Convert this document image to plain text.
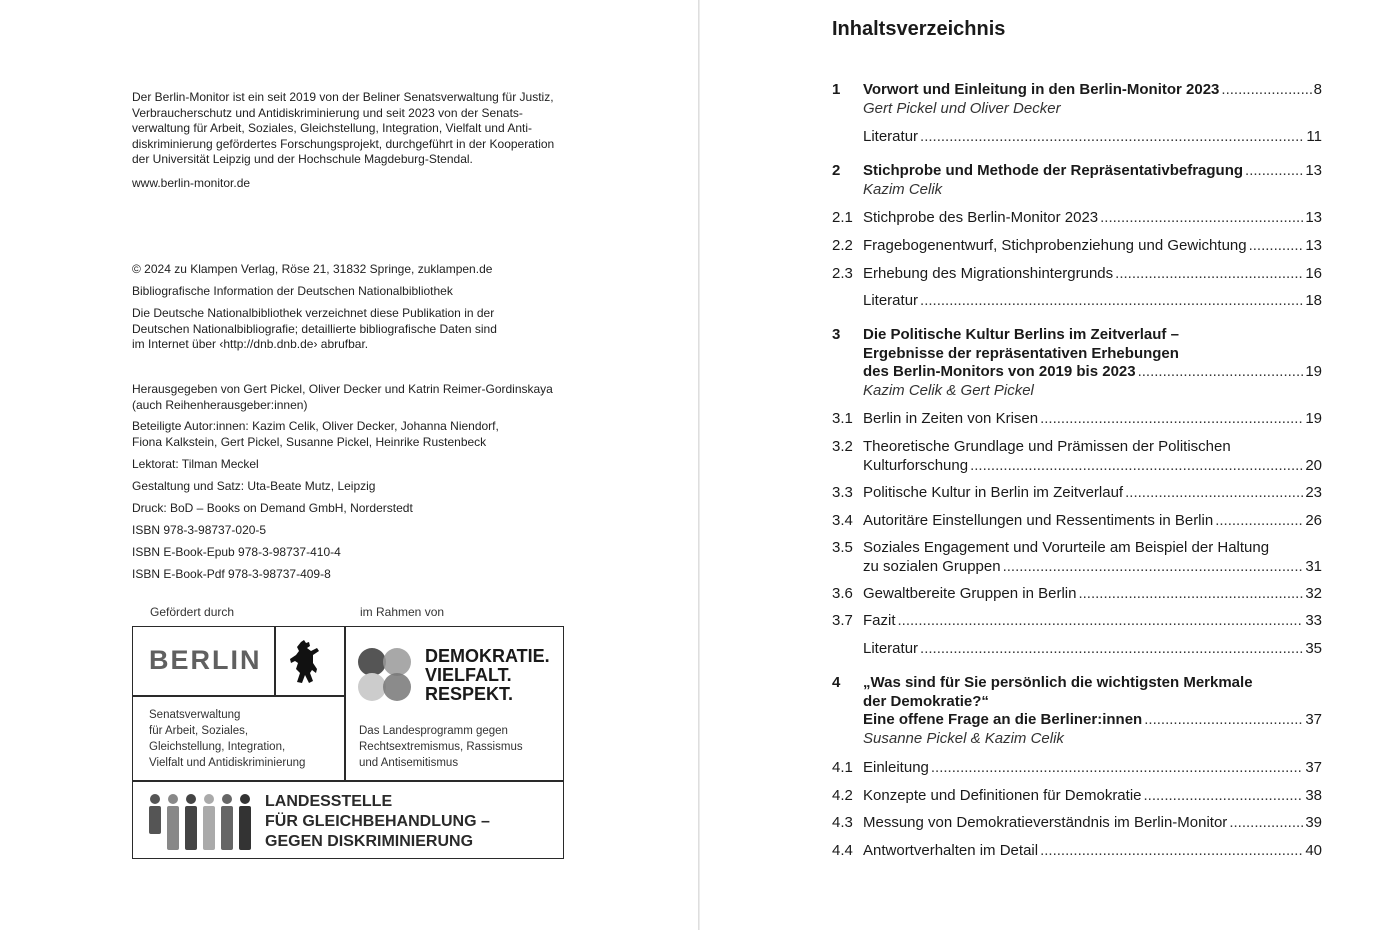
Der Berlin-Monitor ist ein seit 2019 von der Beliner Senatsverwaltung für Justiz,

Verbraucherschutz und Antidiskriminierung und seit 2023 von der Senats-

verwaltung für Arbeit, Soziales, Gleichstellung, Integration, Vielfalt und Anti-

diskriminierung gefördertes Forschungsprojekt, durchgeführt in der Kooperation

der Universität Leipzig und der Hochschule Magdeburg-Stendal.

www.berlin-monitor.de
© 2024 zu Klampen Verlag, Röse 21, 31832 Springe, zuklampen.de
Bibliografische Information der Deutschen Nationalbibliothek

Die Deutsche Nationalbibliothek verzeichnet diese Publikation in der

Deutschen Nationalbibliografie; detaillierte bibliografische Daten sind

im Internet über ‹http://dnb.dnb.de› abrufbar.

Herausgegeben von Gert Pickel, Oliver Decker und Katrin Reimer-Gordinskaya

(auch Reihenherausgeber:innen)

Beteiligte Autor:innen: Kazim Celik, Oliver Decker, Johanna Niendorf,
Fiona Kalkstein, Gert Pickel, Susanne Pickel, Heinrike Rustenbeck

Lektorat: Tilman Meckel

Gestaltung und Satz: Uta-Beate Mutz, Leipzig

Druck: BoD – Books on Demand GmbH, Norderstedt

ISBN 978-3-98737-020-5

ISBN E-Book-Epub 978-3-98737-410-4

ISBN E-Book-Pdf 978-3-98737-409-8

Gefördert durch	im Rahmen von
BERLIN
Senatsverwaltung
für Arbeit, Soziales,
Gleichstellung, Integration,
Vielfalt und Antidiskriminierung
DEMOKRATIE.
VIELFALT.
RESPEKT.
Das Landesprogramm gegen
Rechtsextremismus, Rassismus
und Antisemitismus
LANDESSTELLE
FÜR GLEICHBEHANDLUNG –
GEGEN DISKRIMINIERUNG
Inhaltsverzeichnis
1 Vorwort und Einleitung in den Berlin-Monitor 2023 .....	8
Gert Pickel und Oliver Decker
Literatur .....	11
2 Stichprobe und Methode der Repräsentativbefragung .....	13
Kazim Celik
2.1 Stichprobe des Berlin-Monitor 2023 .....	13
2.2 Fragebogenentwurf, Stichprobenziehung und Gewichtung .....	13
2.3 Erhebung des Migrationshintergrunds .....	16
Literatur .....	18
3 Die Politische Kultur Berlins im Zeitverlauf –
Ergebnisse der repräsentativen Erhebungen
des Berlin-Monitors von 2019 bis 2023 .....	19
Kazim Celik & Gert Pickel
3.1 Berlin in Zeiten von Krisen .....	19
3.2 Theoretische Grundlage und Prämissen der Politischen
Kulturforschung .....	20
3.3 Politische Kultur in Berlin im Zeitverlauf .....	23
3.4 Autoritäre Einstellungen und Ressentiments in Berlin .....	26
3.5 Soziales Engagement und Vorurteile am Beispiel der Haltung
zu sozialen Gruppen .....	31
3.6 Gewaltbereite Gruppen in Berlin .....	32
3.7 Fazit .....	33
Literatur .....	35
4 „Was sind für Sie persönlich die wichtigsten Merkmale
der Demokratie?“
Eine offene Frage an die Berliner:innen .....	37
Susanne Pickel & Kazim Celik
4.1 Einleitung .....	37
4.2 Konzepte und Definitionen für Demokratie .....	38
4.3 Messung von Demokratieverständnis im Berlin-Monitor .....	39
4.4 Antwortverhalten im Detail .....	40
